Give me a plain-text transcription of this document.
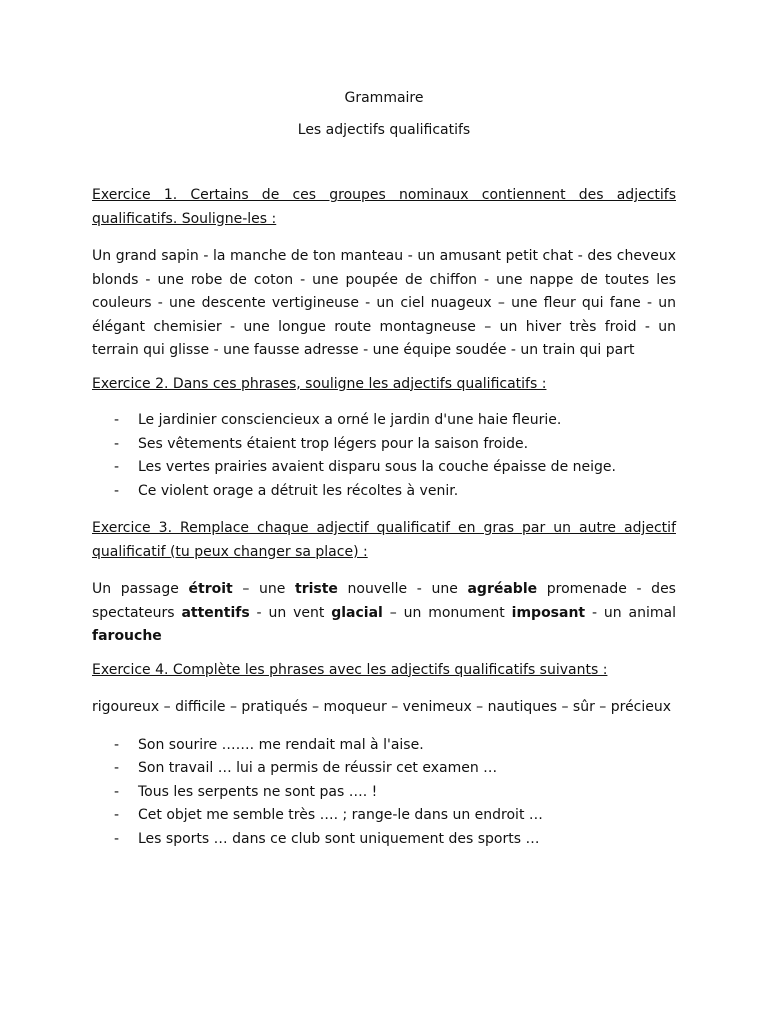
Grammaire

Les adjectifs qualificatifs

Exercice 1. Certains de ces groupes nominaux contiennent des adjectifs qualificatifs. Souligne-les :

Un grand sapin - la manche de ton manteau - un amusant petit chat - des cheveux blonds - une robe de coton - une poupée de chiffon - une nappe de toutes les couleurs - une descente vertigineuse - un ciel nuageux – une fleur qui fane - un élégant chemisier - une longue route montagneuse – un hiver très froid - un terrain qui glisse - une fausse adresse - une équipe soudée - un train qui part

Exercice 2. Dans ces phrases, souligne les adjectifs qualificatifs :

- Le jardinier consciencieux a orné le jardin d'une haie fleurie.
- Ses vêtements étaient trop légers pour la saison froide.
- Les vertes prairies avaient disparu sous la couche épaisse de neige.
- Ce violent orage a détruit les récoltes à venir.

Exercice 3. Remplace chaque adjectif qualificatif en gras par un autre adjectif qualificatif (tu peux changer sa place) :

Un passage étroit – une triste nouvelle - une agréable promenade - des spectateurs attentifs - un vent glacial – un monument imposant - un animal farouche

Exercice 4. Complète les phrases avec les adjectifs qualificatifs suivants :

rigoureux – difficile – pratiqués – moqueur – venimeux – nautiques – sûr – précieux

- Son sourire ……. me rendait mal à l'aise.
- Son travail … lui a permis de réussir cet examen …
- Tous les serpents ne sont pas …. !
- Cet objet me semble très …. ; range-le dans un endroit …
- Les sports … dans ce club sont uniquement des sports …
